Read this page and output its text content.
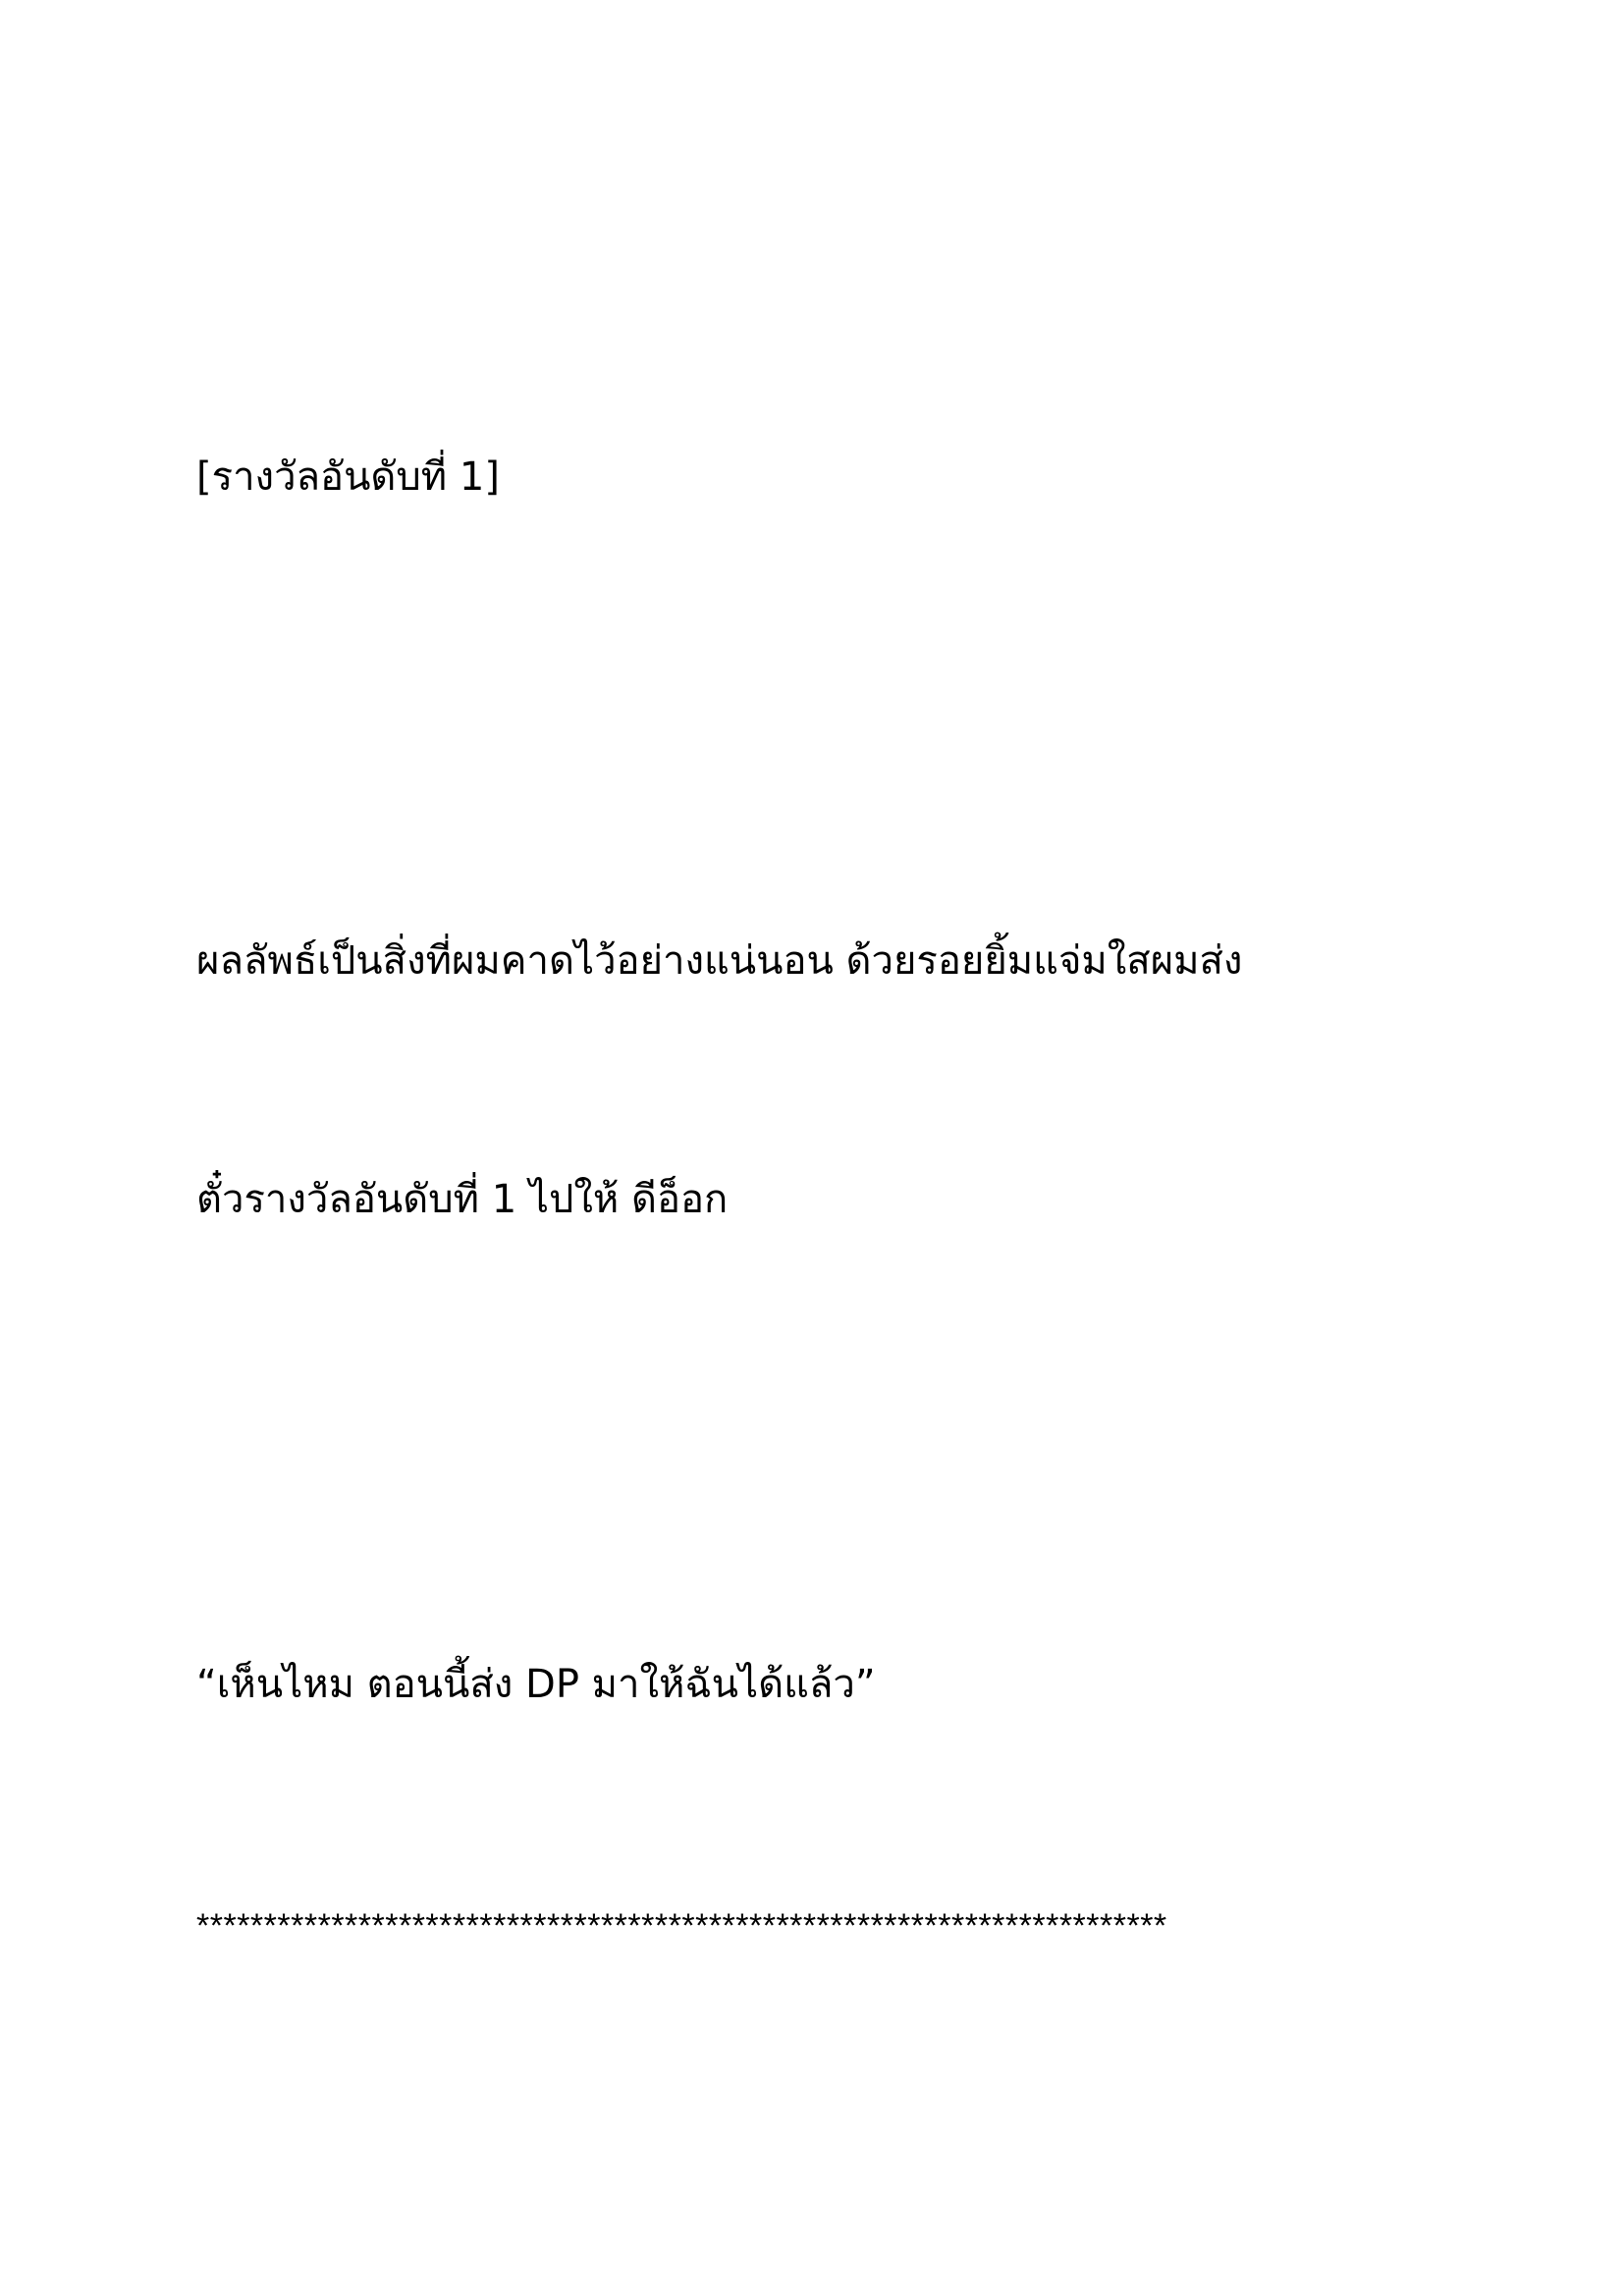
[รางวัลอันดับที่ 1]

ผลลัพธ์เป็นสิ่งที่ผมคาดไว้อย่างแน่นอน ด้วยรอยยิ้มแจ่มใสผมส่ง

ตั๋วรางวัลอันดับที่ 1 ไปให้ ดีอ็อก

“เห็นไหม ตอนนี้ส่ง DP มาให้ฉันได้แล้ว”

************************************************************************
